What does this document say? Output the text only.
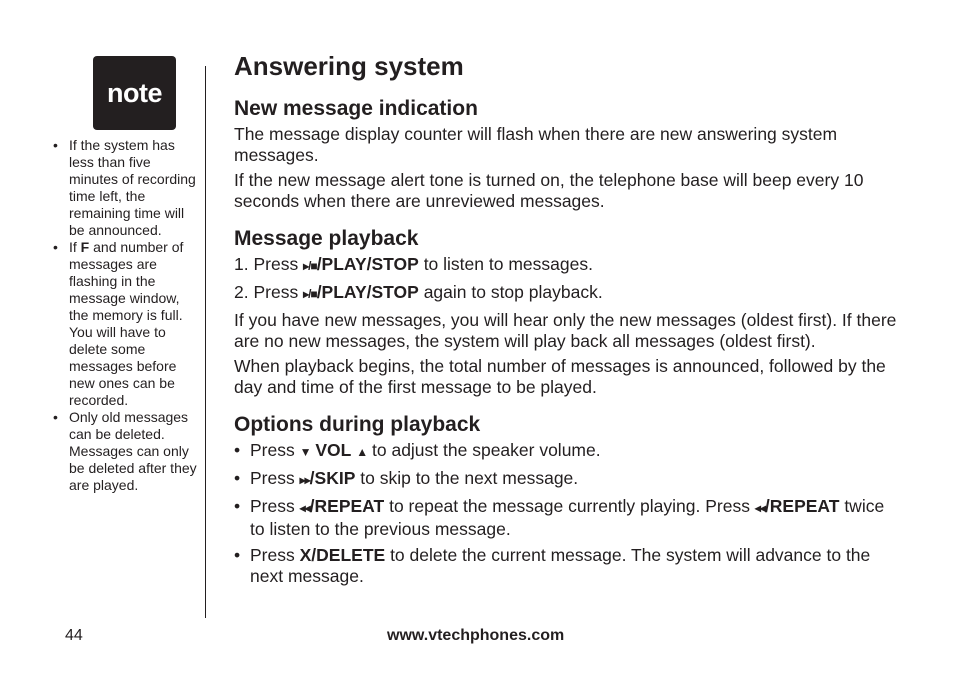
note
• If the system has less than five minutes of recording time left, the remaining time will be announced.
• If F and number of messages are flashing in the message window, the memory is full. You will have to delete some messages before new ones can be recorded.
• Only old messages can be deleted. Messages can only be deleted after they are played.
Answering system
New message indication

The message display counter will flash when there are new answering system messages.

If the new message alert tone is turned on, the telephone base will beep every 10 seconds when there are unreviewed messages.

Message playback

1. Press ▸/■/PLAY/STOP to listen to messages.

2. Press ▸/■/PLAY/STOP again to stop playback.

If you have new messages, you will hear only the new messages (oldest first). If there are no new messages, the system will play back all messages (oldest first).

When playback begins, the total number of messages is announced, followed by the day and time of the first message to be played.

Options during playback
• Press ▼ VOL ▲ to adjust the speaker volume.
• Press ▸▸/SKIP to skip to the next message.
• Press ◂◂/REPEAT to repeat the message currently playing. Press ◂◂/REPEAT twice to listen to the previous message.
• Press X/DELETE to delete the current message. The system will advance to the next message.
44	www.vtechphones.com
